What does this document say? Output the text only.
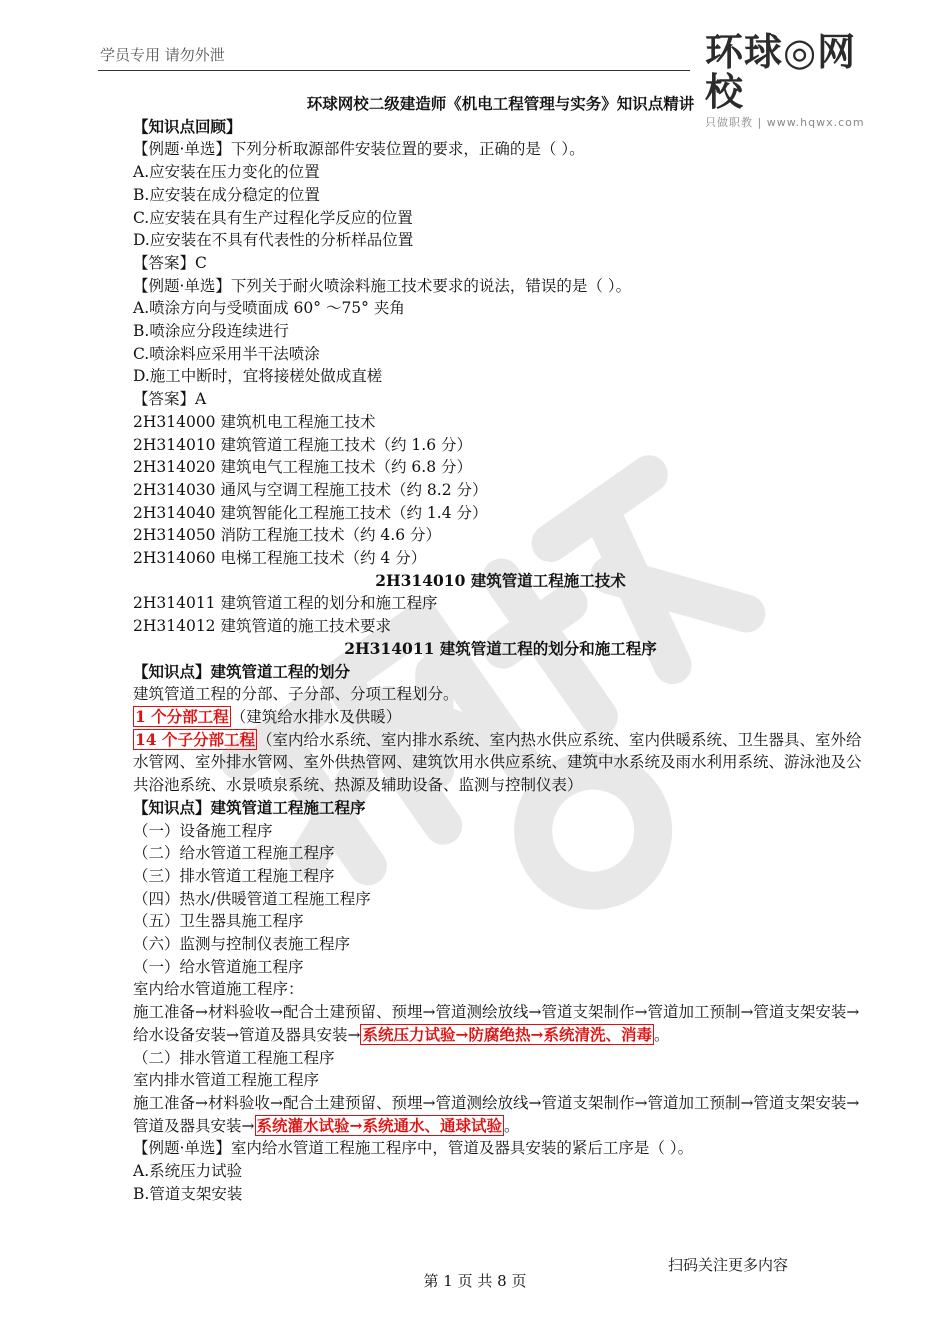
学员专用 请勿外泄	环球◎网校
只做职教 | www.hqwx.com
环球网校二级建造师《机电工程管理与实务》知识点精讲
【知识点回顾】
【例题·单选】下列分析取源部件安装位置的要求，正确的是（ ）。
A.应安装在压力变化的位置
B.应安装在成分稳定的位置
C.应安装在具有生产过程化学反应的位置
D.应安装在不具有代表性的分析样品位置
【答案】C
【例题·单选】下列关于耐火喷涂料施工技术要求的说法，错误的是（ ）。
A.喷涂方向与受喷面成 60° ～75° 夹角
B.喷涂应分段连续进行
C.喷涂料应采用半干法喷涂
D.施工中断时，宜将接槎处做成直槎
【答案】A
2H314000 建筑机电工程施工技术
2H314010 建筑管道工程施工技术（约 1.6 分）
2H314020 建筑电气工程施工技术（约 6.8 分）
2H314030 通风与空调工程施工技术（约 8.2 分）
2H314040 建筑智能化工程施工技术（约 1.4 分）
2H314050 消防工程施工技术（约 4.6 分）
2H314060 电梯工程施工技术（约 4 分）
2H314010 建筑管道工程施工技术
2H314011 建筑管道工程的划分和施工程序
2H314012 建筑管道的施工技术要求
2H314011 建筑管道工程的划分和施工程序
【知识点】建筑管道工程的划分
建筑管道工程的分部、子分部、分项工程划分。
1 个分部工程 （建筑给水排水及供暖）
14 个子分部工程 （室内给水系统、室内排水系统、室内热水供应系统、室内供暖系统、卫生器具、室外给水管网、室外排水管网、室外供热管网、建筑饮用水供应系统、建筑中水系统及雨水利用系统、游泳池及公共浴池系统、水景喷泉系统、热源及辅助设备、监测与控制仪表）
【知识点】建筑管道工程施工程序
（一）设备施工程序
（二）给水管道工程施工程序
（三）排水管道工程施工程序
（四）热水/供暖管道工程施工程序
（五）卫生器具施工程序
（六）监测与控制仪表施工程序
（一）给水管道施工程序
室内给水管道施工程序：
施工准备→材料验收→配合土建预留、预埋→管道测绘放线→管道支架制作→管道加工预制→管道支架安装→给水设备安装→管道及器具安装→ 系统压力试验→防腐绝热→系统清洗、消毒 。
（二）排水管道工程施工程序
室内排水管道工程施工程序
施工准备→材料验收→配合土建预留、预埋→管道测绘放线→管道支架制作→管道加工预制→管道支架安装→管道及器具安装→ 系统灌水试验→系统通水、通球试验 。
【例题·单选】室内给水管道工程施工程序中，管道及器具安装的紧后工序是（ ）。
A.系统压力试验
B.管道支架安装
扫码关注更多内容
第 1 页 共 8 页
